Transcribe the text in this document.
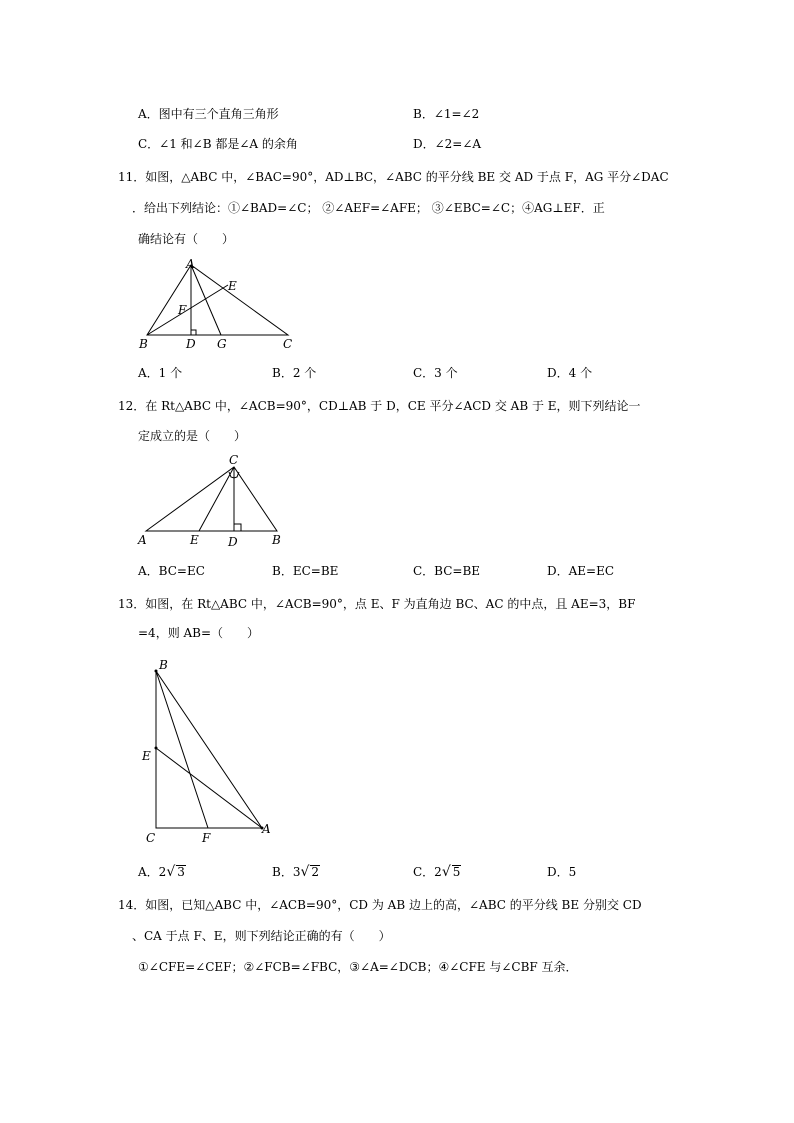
A．图中有三个直角三角形	B．∠1=∠2
C．∠1 和∠B 都是∠A 的余角	D．∠2=∠A
11．如图，△ABC 中，∠BAC=90°，AD⊥BC，∠ABC 的平分线 BE 交 AD 于点 F，AG 平分∠DAC
．给出下列结论：①∠BAD=∠C； ②∠AEF=∠AFE； ③∠EBC=∠C；④AG⊥EF．正
确结论有（　　）
A
E
F
B	D G	C
A．1 个	B．2 个	C．3 个	D．4 个
12．在 Rt△ABC 中，∠ACB=90°，CD⊥AB 于 D，CE 平分∠ACD 交 AB 于 E，则下列结论一
定成立的是（　　）
C
A	E D	B
A．BC=EC	B．EC=BE	C．BC=BE	D．AE=EC
13．如图，在 Rt△ABC 中，∠ACB=90°，点 E、F 为直角边 BC、AC 的中点，且 AE=3，BF
=4，则 AB=（　　）
B
E
C	F
A
A．2√ 3	B．3√ 2	C．2√ 5	D．5
14．如图，已知△ABC 中，∠ACB=90°，CD 为 AB 边上的高，∠ABC 的平分线 BE 分别交 CD
、CA 于点 F、E，则下列结论正确的有（　　）
①∠CFE=∠CEF；②∠FCB=∠FBC，③∠A=∠DCB；④∠CFE 与∠CBF 互余．
